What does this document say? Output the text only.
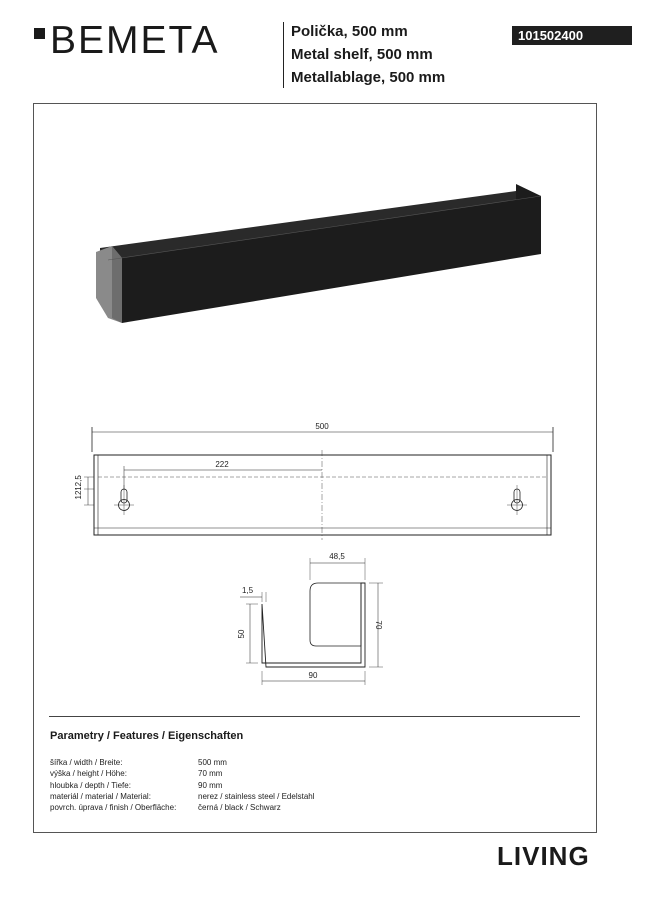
BEMETA	Polička, 500 mm
Metal shelf, 500 mm
Metallablage, 500 mm
101502400
500
222
12
12,5
48,5
1,5
50
70
90
Parametry / Features / Eigenschaften
šířka / width / Breite:	500 mm
výška / height / Höhe:	70 mm
hloubka / depth / Tiefe:	90 mm
materiál / material / Material:	nerez / stainless steel / Edelstahl
povrch. úprava / finish / Oberfläche:	černá / black / Schwarz
LIVING
